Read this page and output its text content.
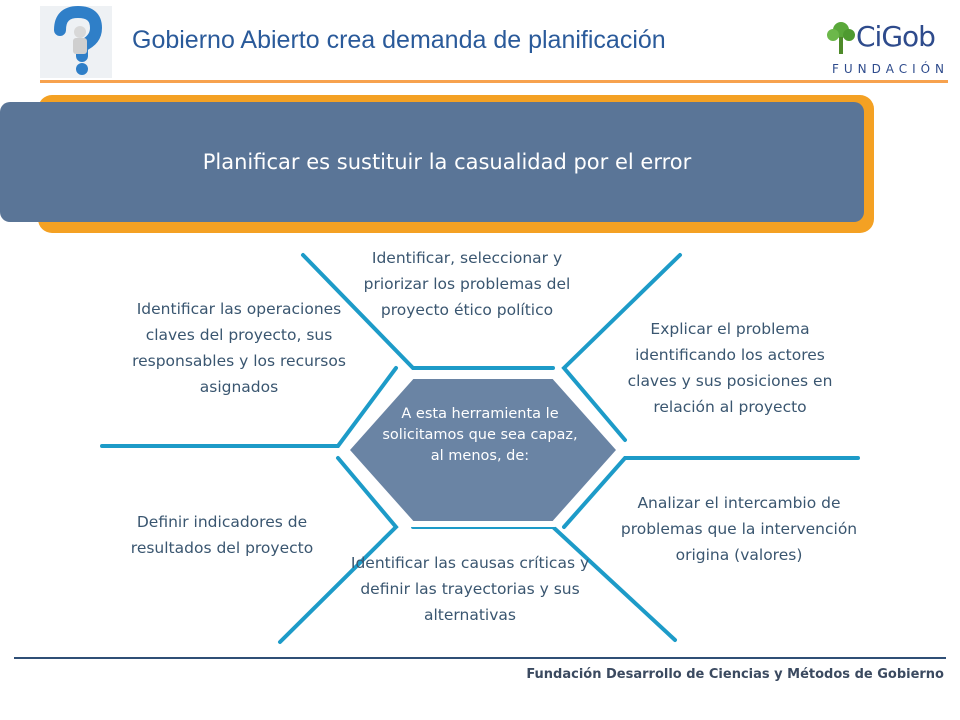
Gobierno Abierto crea demanda de planificación	CiGob
FUNDACIÓN
Planificar es sustituir la casualidad por el error
A esta herramienta le solicitamos que sea capaz, al menos, de:
Identificar, seleccionar y priorizar los problemas del proyecto ético político
Explicar el problema identificando los actores claves y sus posiciones en relación al proyecto
Analizar el intercambio de problemas que la intervención origina (valores)
Identificar las causas críticas y definir las trayectorias y sus alternativas
Definir indicadores de resultados del proyecto
Identificar las operaciones claves del proyecto, sus responsables y los recursos asignados
Fundación Desarrollo de Ciencias y Métodos de Gobierno
